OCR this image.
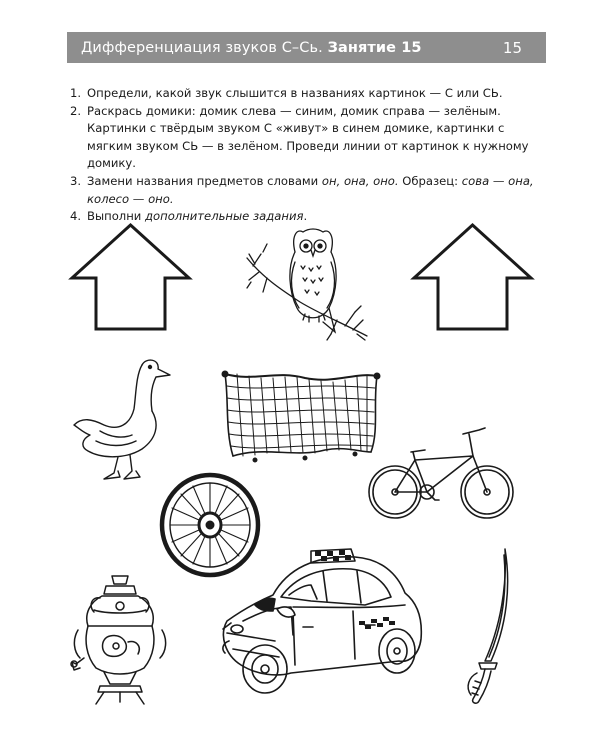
Дифференциация звуков С–Сь. Занятие 15	15
1. Определи, какой звук слышится в названиях картинок — С или СЬ.
2. Раскрась домики: домик слева — синим, домик справа — зелёным. Картинки с твёрдым звуком С «живут» в синем домике, картинки с мягким звуком СЬ — в зелёном. Проведи линии от картинок к нужному домику.
3. Замени названия предметов словами он, она, оно. Образец: сова — она, колесо — оно.
4. Выполни дополнительные задания.
